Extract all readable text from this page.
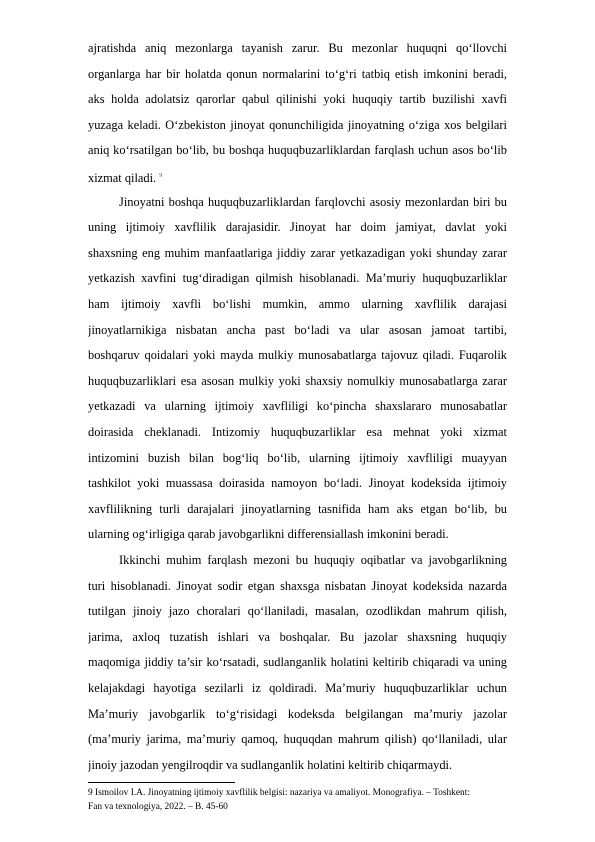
ajratishda aniq mezonlarga tayanish zarur. Bu mezonlar huquqni qoʻllovchi
organlarga har bir holatda qonun normalarini toʻgʻri tatbiq etish imkonini beradi,
aks holda adolatsiz qarorlar qabul qilinishi yoki huquqiy tartib buzilishi xavfi
yuzaga keladi. Oʻzbekiston jinoyat qonunchiligida jinoyatning oʻziga xos belgilari
aniq koʻrsatilgan boʻlib, bu boshqa huquqbuzarliklardan farqlash uchun asos boʻlib
xizmat qiladi. $^9$
Jinoyatni boshqa huquqbuzarliklardan farqlovchi asosiy mezonlardan biri bu
uning ijtimoiy xavflilik darajasidir. Jinoyat har doim jamiyat, davlat yoki
shaxsning eng muhim manfaatlariga jiddiy zarar yetkazadigan yoki shunday zarar
yetkazish xavfini tugʻdiradigan qilmish hisoblanadi. Ma’muriy huquqbuzarliklar
ham ijtimoiy xavfli boʻlishi mumkin, ammo ularning xavflilik darajasi
jinoyatlarnikiga nisbatan ancha past boʻladi va ular asosan jamoat tartibi,
boshqaruv qoidalari yoki mayda mulkiy munosabatlarga tajovuz qiladi. Fuqarolik
huquqbuzarliklari esa asosan mulkiy yoki shaxsiy nomulkiy munosabatlarga zarar
yetkazadi va ularning ijtimoiy xavfliligi koʻpincha shaxslararo munosabatlar
doirasida cheklanadi. Intizomiy huquqbuzarliklar esa mehnat yoki xizmat
intizomini buzish bilan bogʻliq boʻlib, ularning ijtimoiy xavfliligi muayyan
tashkilot yoki muassasa doirasida namoyon boʻladi. Jinoyat kodeksida ijtimoiy
xavflilikning turli darajalari jinoyatlarning tasnifida ham aks etgan boʻlib, bu
ularning ogʻirligiga qarab javobgarlikni differensiallash imkonini beradi.
Ikkinchi muhim farqlash mezoni bu huquqiy oqibatlar va javobgarlikning
turi hisoblanadi. Jinoyat sodir etgan shaxsga nisbatan Jinoyat kodeksida nazarda
tutilgan jinoiy jazo choralari qoʻllaniladi, masalan, ozodlikdan mahrum qilish,
jarima, axloq tuzatish ishlari va boshqalar. Bu jazolar shaxsning huquqiy
maqomiga jiddiy ta’sir koʻrsatadi, sudlanganlik holatini keltirib chiqaradi va uning
kelajakdagi hayotiga sezilarli iz qoldiradi. Ma’muriy huquqbuzarliklar uchun
Ma’muriy javobgarlik toʻgʻrisidagi kodeksda belgilangan ma’muriy jazolar
(ma’muriy jarima, ma’muriy qamoq, huquqdan mahrum qilish) qoʻllaniladi, ular
jinoiy jazodan yengilroqdir va sudlanganlik holatini keltirib chiqarmaydi.
9 Ismoilov I.A. Jinoyatning ijtimoiy xavflilik belgisi: nazariya va amaliyot. Monografiya. – Toshkent:
Fan va texnologiya, 2022. – B. 45-60
